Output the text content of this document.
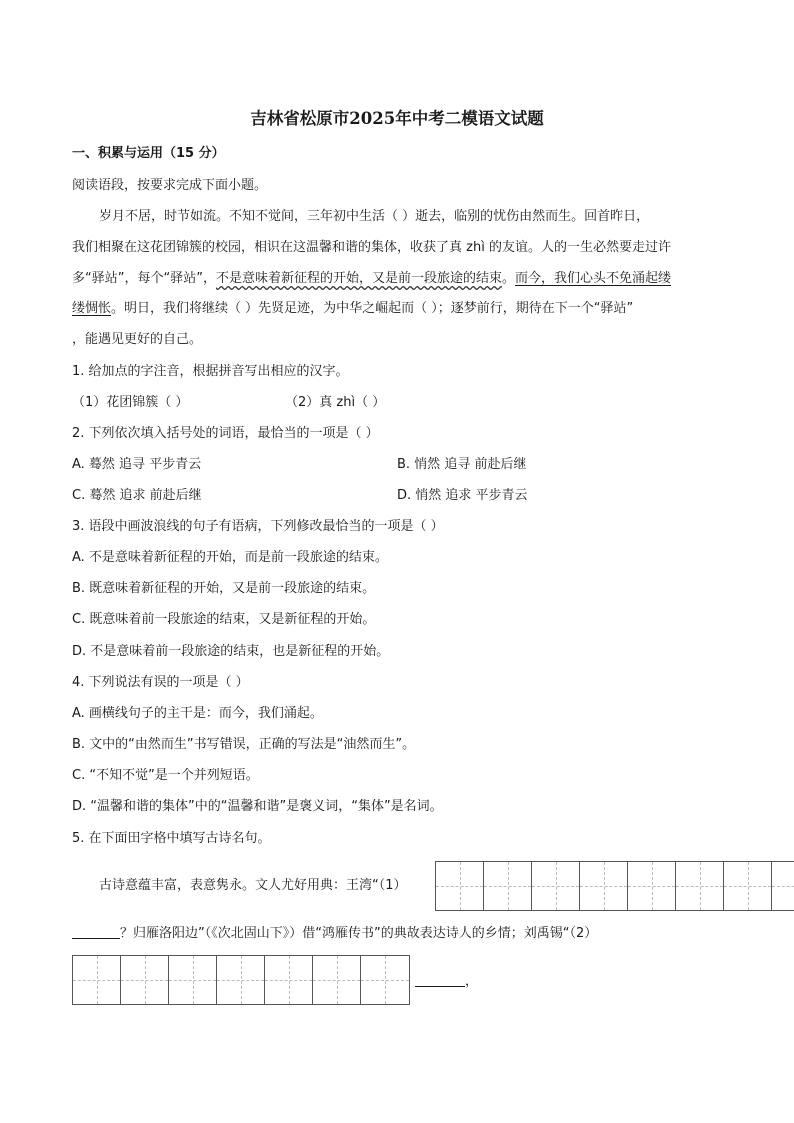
吉林省松原市2025年中考二模语文试题
一、积累与运用（15 分）
阅读语段，按要求完成下面小题。
岁月不居，时节如流。不知不觉间，三年初中生活（ ）逝去，临别的忧伤由然而生。回首昨日，
我们相聚在这花团锦簇的校园，相识在这温馨和谐的集体，收获了真 zhì 的友谊。人的一生必然要走过许
多“驿站”，每个“驿站”，不是意味着新征程的开始，又是前一段旅途的结束。而今，我们心头不免涌起缕
缕惆怅。明日，我们将继续（ ）先贤足迹，为中华之崛起而（ ）；逐梦前行，期待在下一个“驿站”
，能遇见更好的自己。
1. 给加点的字注音，根据拼音写出相应的汉字。
（1）花团锦簇（ ）	（2）真 zhì（ ）
2. 下列依次填入括号处的词语，最恰当的一项是（ ）
A. 蓦然 追寻 平步青云	B. 悄然 追寻 前赴后继
C. 蓦然 追求 前赴后继	D. 悄然 追求 平步青云
3. 语段中画波浪线的句子有语病，下列修改最恰当的一项是（ ）
A. 不是意味着新征程的开始，而是前一段旅途的结束。
B. 既意味着新征程的开始，又是前一段旅途的结束。
C. 既意味着前一段旅途的结束，又是新征程的开始。
D. 不是意味着前一段旅途的结束，也是新征程的开始。
4. 下列说法有误的一项是（ ）
A. 画横线句子的主干是：而今，我们涌起。
B. 文中的“由然而生”书写错误，正确的写法是“油然而生”。
C. “不知不觉”是一个并列短语。
D. “温馨和谐的集体”中的“温馨和谐”是褒义词，“集体”是名词。
5. 在下面田字格中填写古诗名句。
古诗意蕴丰富，表意隽永。文人尤好用典：王湾“（1）
？归雁洛阳边”（《次北固山下》）借“鸿雁传书”的典故表达诗人的乡情；刘禹锡“（2）
，
